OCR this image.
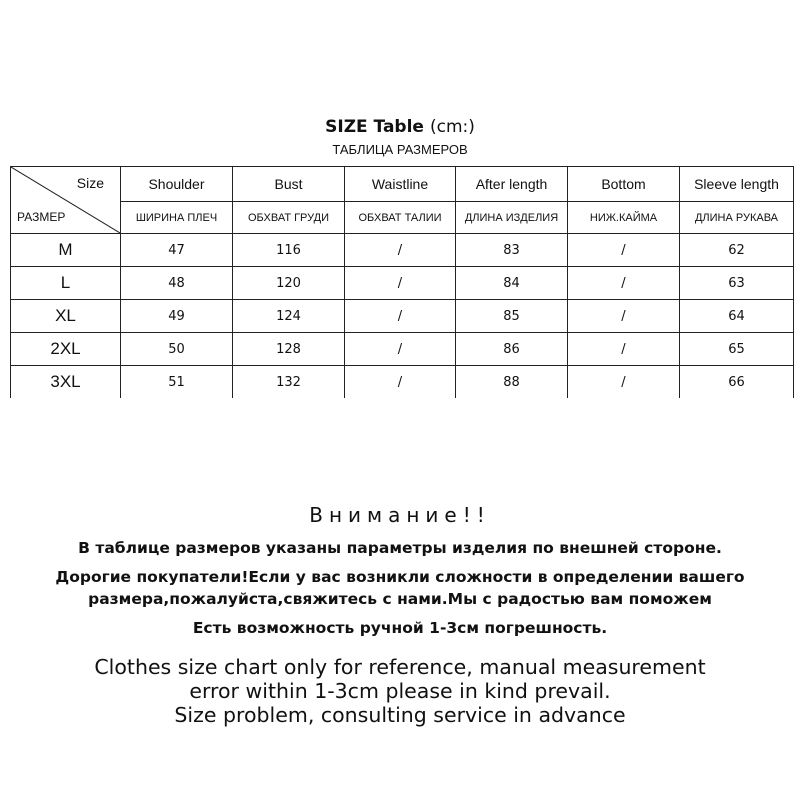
SIZE Table (cm:)
ТАБЛИЦА РАЗМЕРОВ
Size
РАЗМЕР	Shoulder	Bust	Waistline	After length	Bottom	Sleeve length
	ШИРИНА ПЛЕЧ	ОБХВАТ ГРУДИ	ОБХВАТ ТАЛИИ	ДЛИНА ИЗДЕЛИЯ	НИЖ.КАЙМА	ДЛИНА РУКАВА
M	47	116	/	83	/	62
L	48	120	/	84	/	63
XL	49	124	/	85	/	64
2XL	50	128	/	86	/	65
3XL	51	132	/	88	/	66
Внимание!!
В таблице размеров указаны параметры изделия по внешней стороне.
Дорогие покупатели!Если у вас возникли сложности в определении вашего
размера,пожалуйста,свяжитесь с нами.Мы с радостью вам поможем
Есть возможность ручной 1-3см погрешность.
Clothes size chart only for reference, manual measurement
error within 1-3cm please in kind prevail.
Size problem, consulting service in advance
